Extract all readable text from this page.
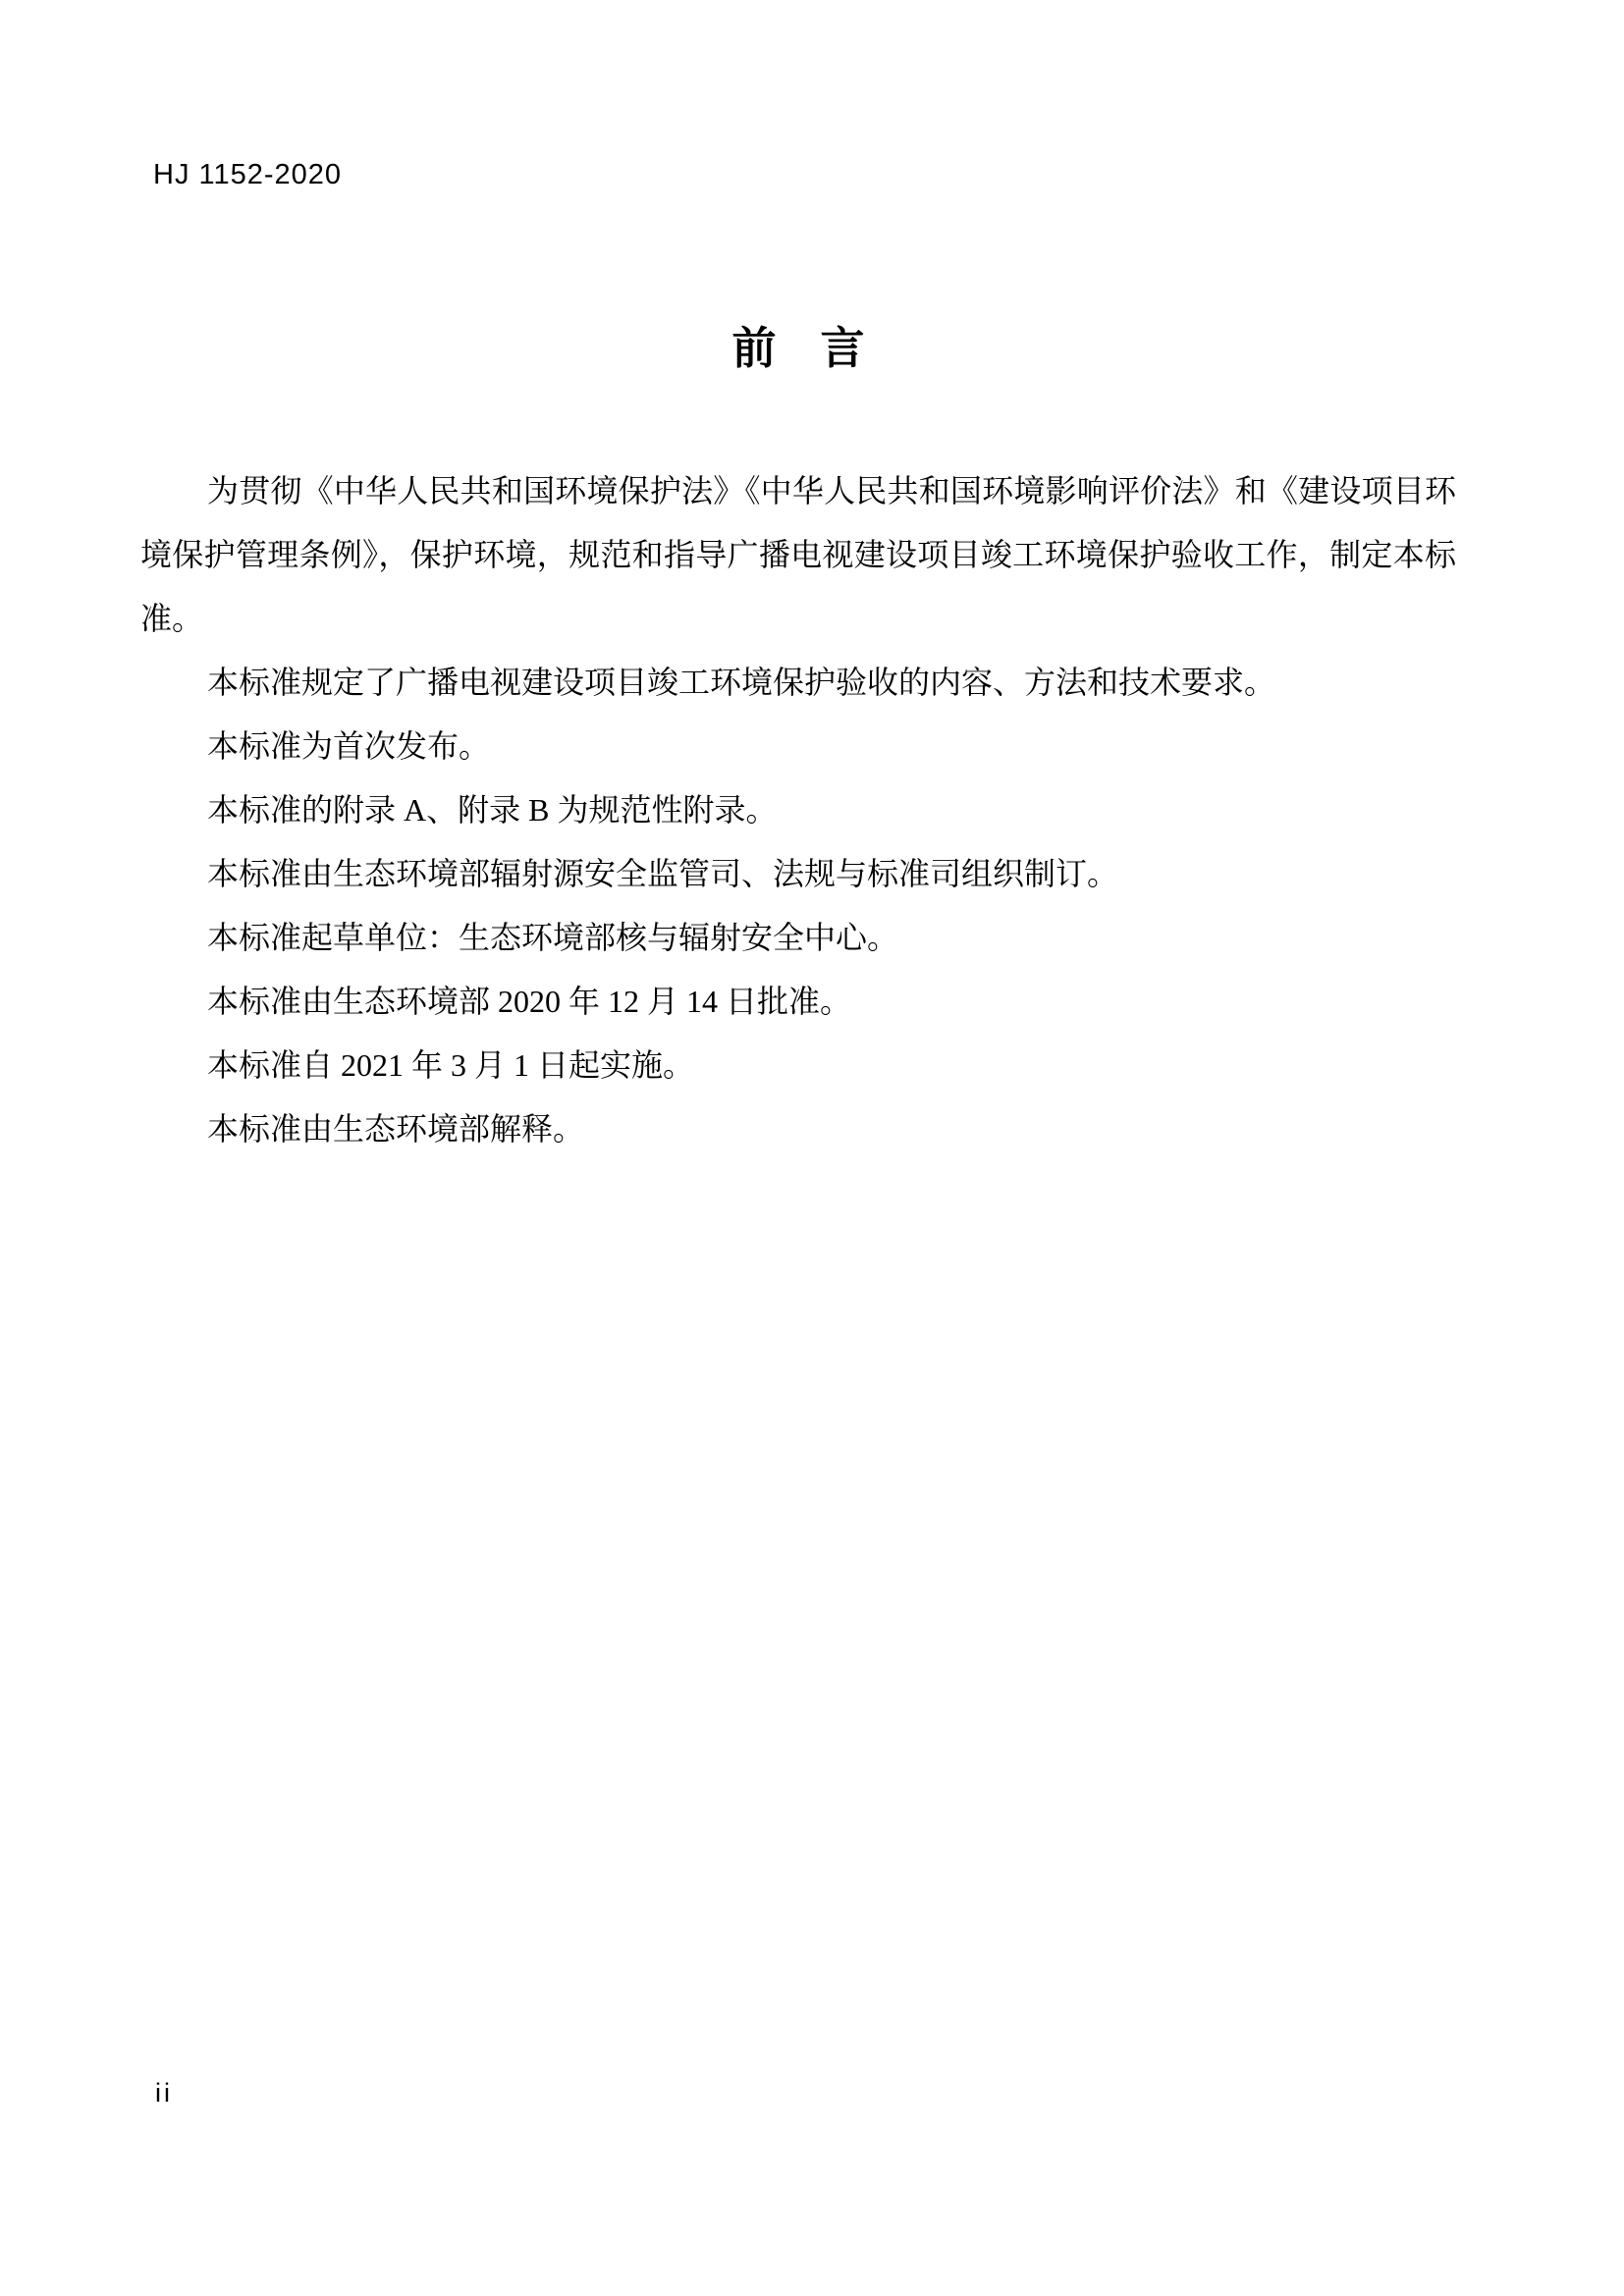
HJ 1152-2020
前　言

为贯彻《中华人民共和国环境保护法》《中华人民共和国环境影响评价法》和《建设项目环境保护管理条例》，保护环境，规范和指导广播电视建设项目竣工环境保护验收工作，制定本标准。

本标准规定了广播电视建设项目竣工环境保护验收的内容、方法和技术要求。

本标准为首次发布。

本标准的附录 A、附录 B 为规范性附录。

本标准由生态环境部辐射源安全监管司、法规与标准司组织制订。

本标准起草单位：生态环境部核与辐射安全中心。

本标准由生态环境部 2020 年 12 月 14 日批准。

本标准自 2021 年 3 月 1 日起实施。

本标准由生态环境部解释。

ii
